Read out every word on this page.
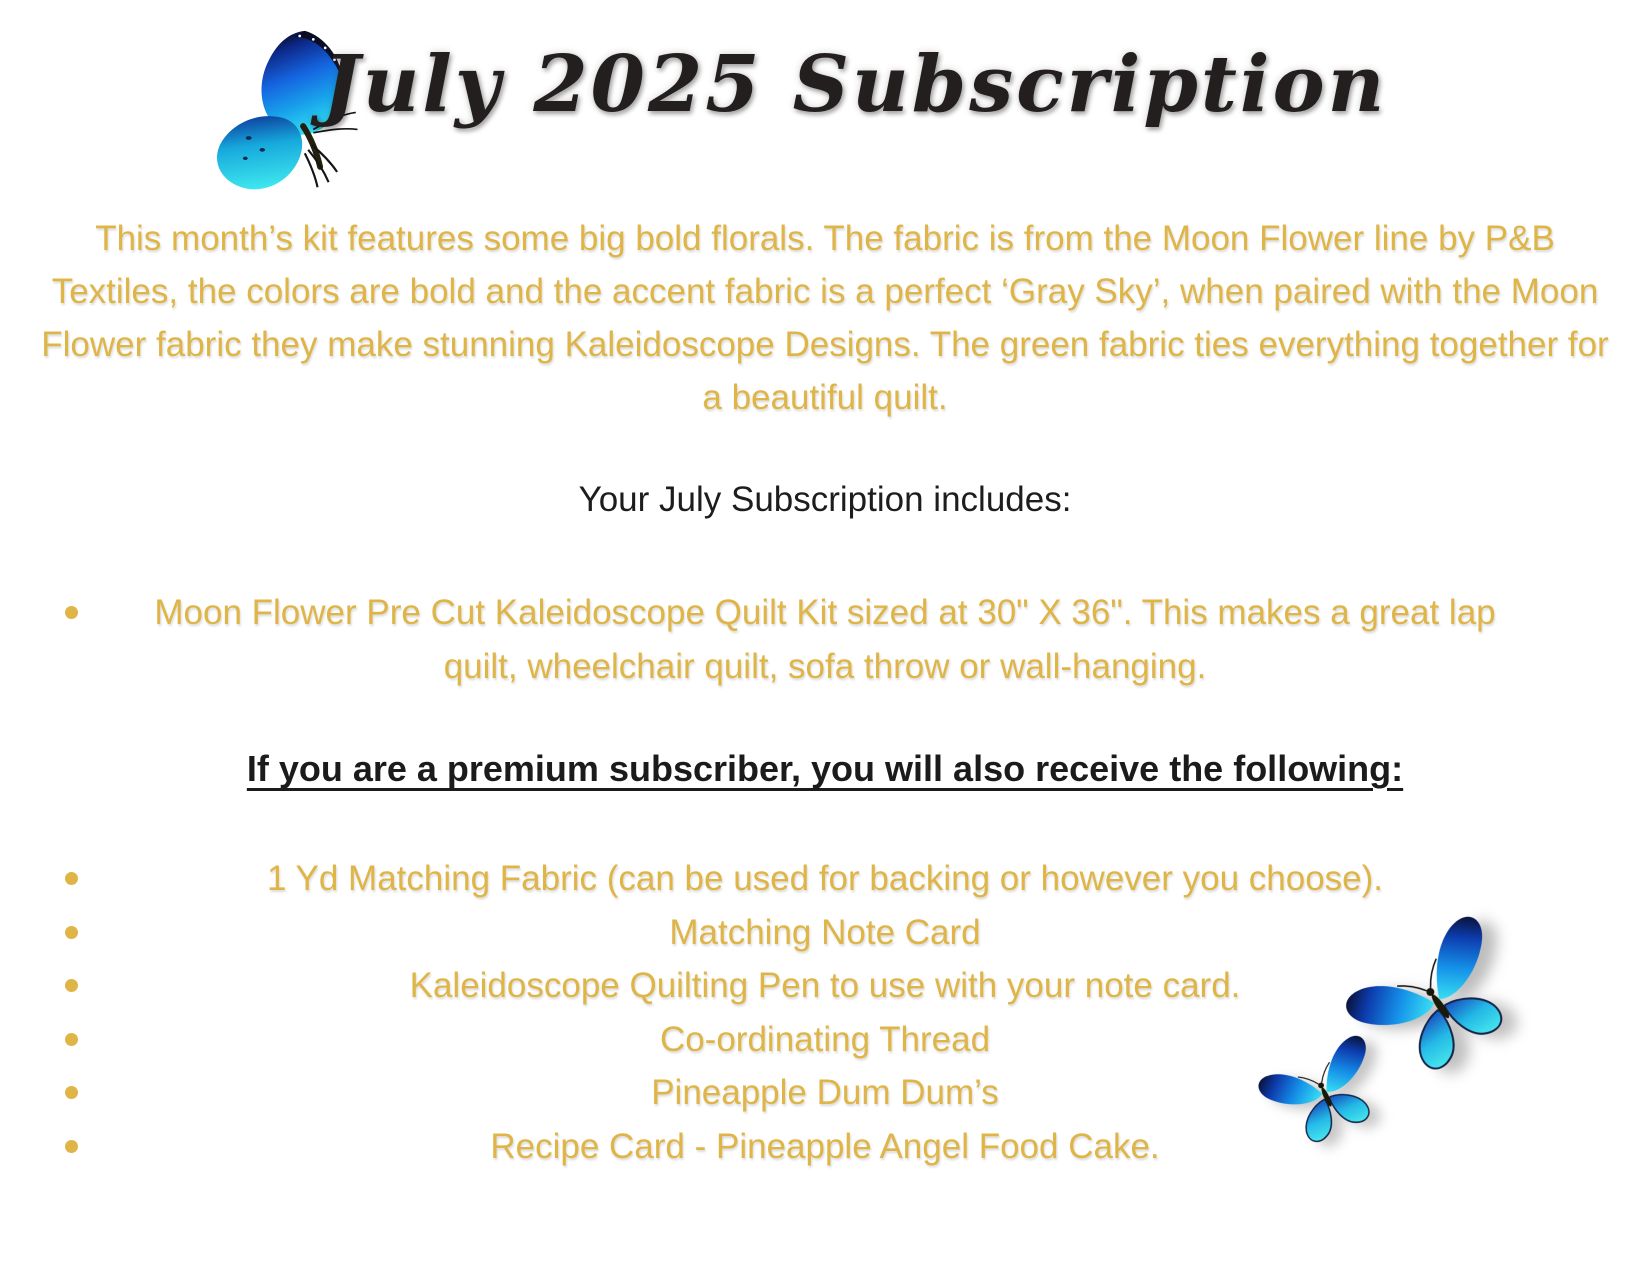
July 2025 Subscription

This month’s kit features some big bold florals. The fabric is from the Moon Flower line by P&B Textiles, the colors are bold and the accent fabric is a perfect ‘Gray Sky’, when paired with the Moon Flower fabric they make stunning Kaleidoscope Designs. The green fabric ties everything together for a beautiful quilt.

Your July Subscription includes:
Moon Flower Pre Cut Kaleidoscope Quilt Kit sized at 30" X 36". This makes a great lap quilt, wheelchair quilt, sofa throw or wall-hanging.
If you are a premium subscriber, you will also receive the following:
1 Yd Matching Fabric (can be used for backing or however you choose).
Matching Note Card
Kaleidoscope Quilting Pen to use with your note card.
Co-ordinating Thread
Pineapple Dum Dum’s
Recipe Card - Pineapple Angel Food Cake.
